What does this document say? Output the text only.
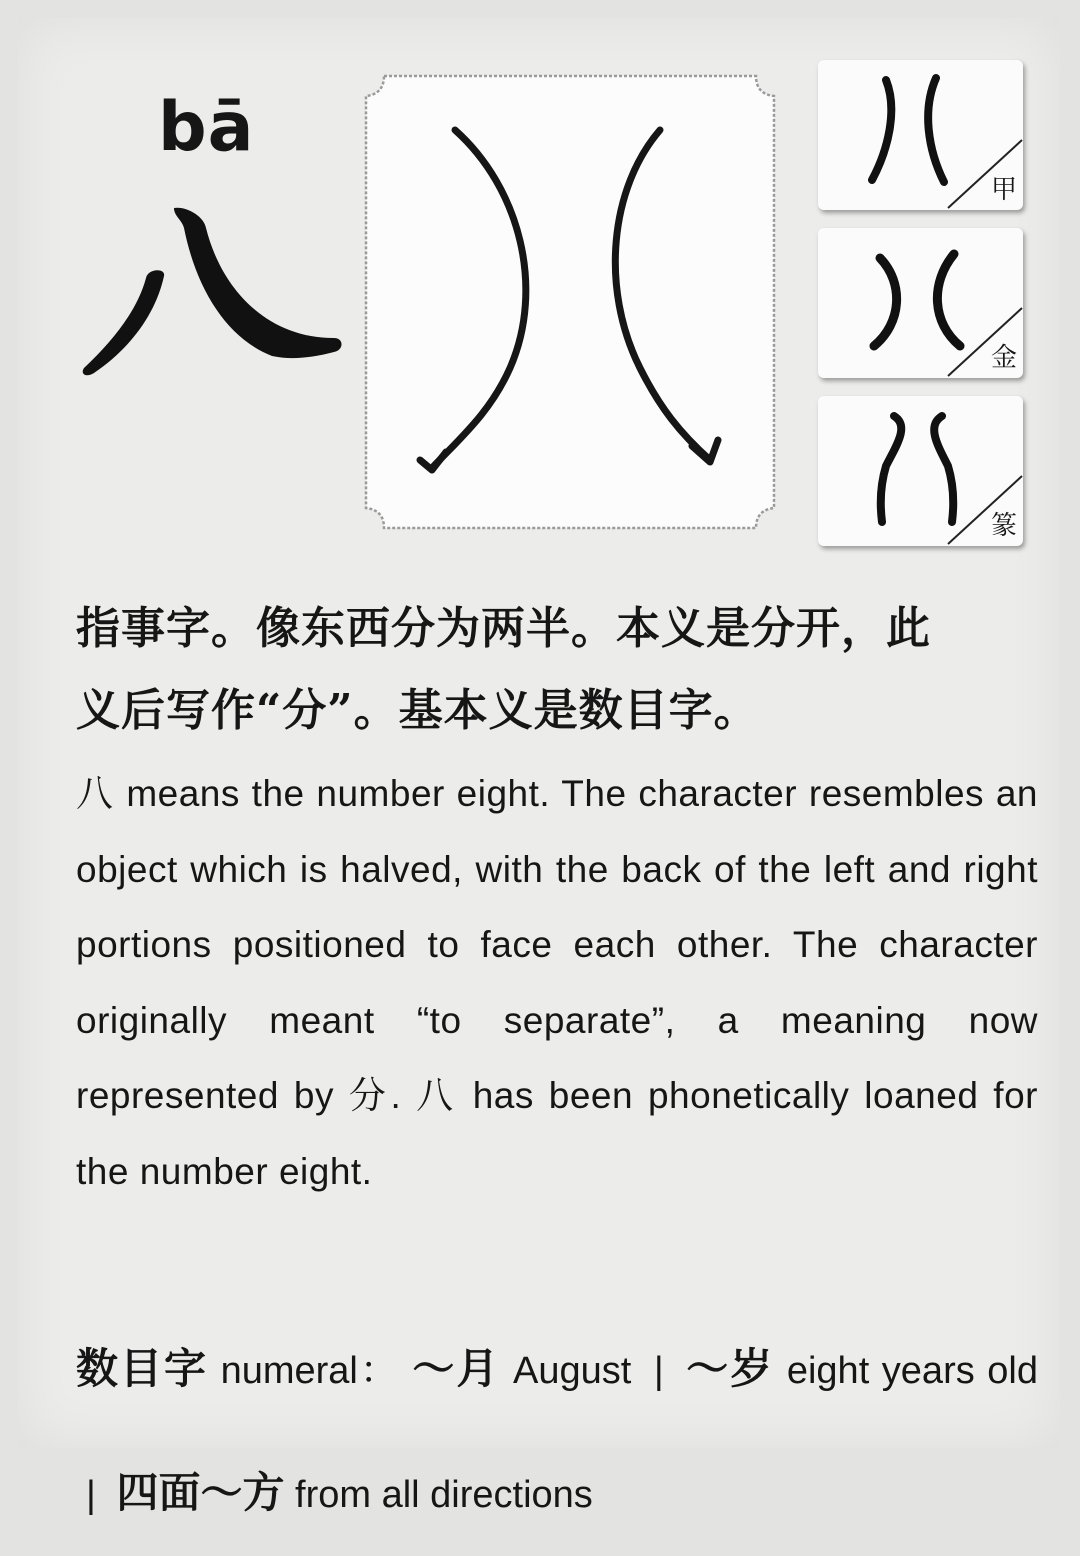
bā
甲
金
篆
指事字。像东西分为两半。本义是分开，此
义后写作“分”。基本义是数目字。
八 means the number eight. The character resembles an object which is halved, with the back of the left and right portions positioned to face each other. The character originally meant “to separate”, a meaning now represented by 分. 八 has been phonetically loaned for the number eight.
数目字 numeral： ～月 August | ～岁 eight years old | 四面～方 from all directions
